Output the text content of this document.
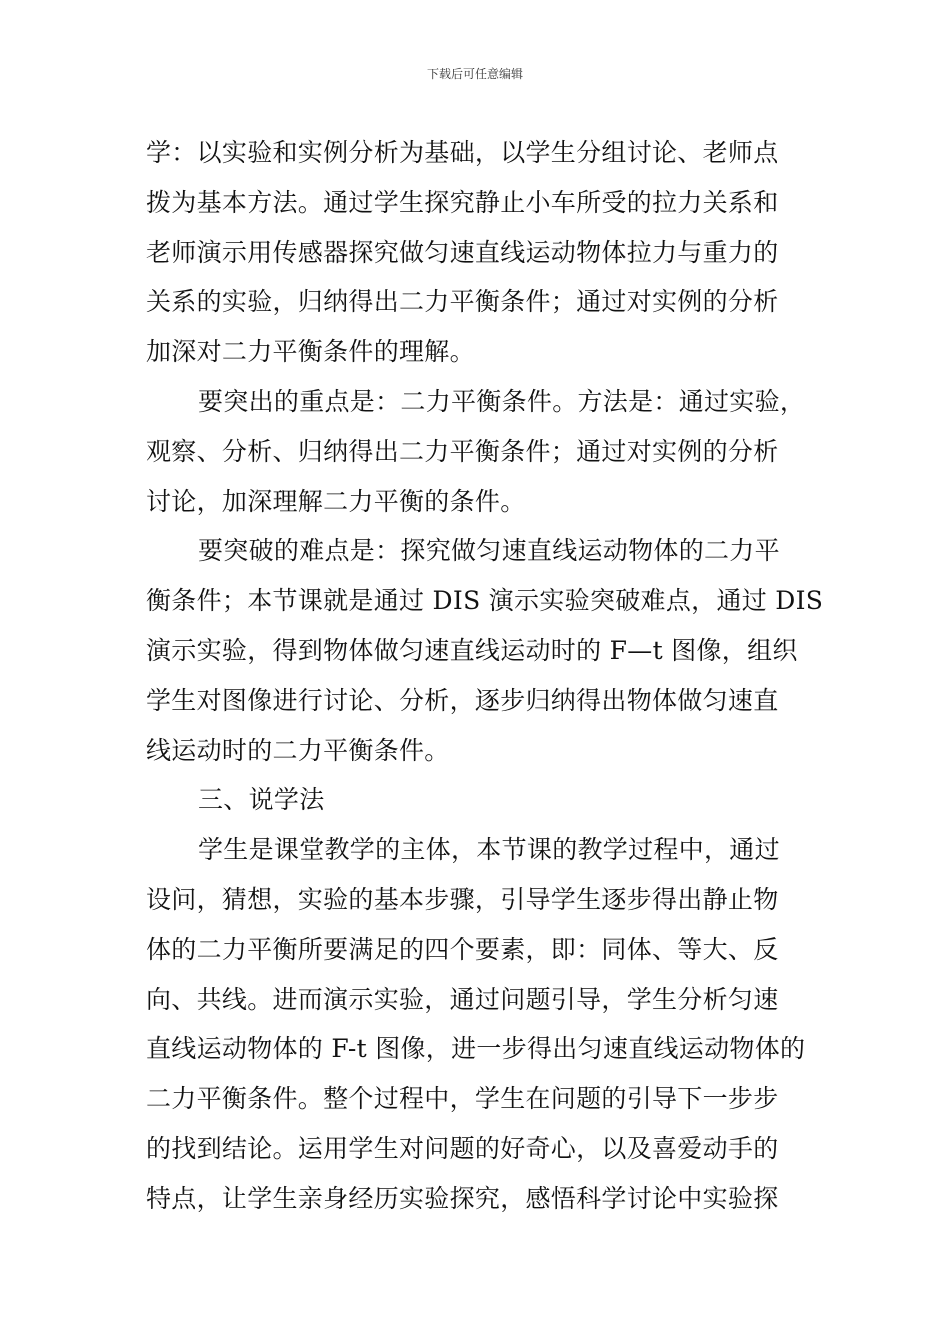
下载后可任意编辑
学：以实验和实例分析为基础，以学生分组讨论、老师点
拨为基本方法。通过学生探究静止小车所受的拉力关系和
老师演示用传感器探究做匀速直线运动物体拉力与重力的
关系的实验，归纳得出二力平衡条件；通过对实例的分析
加深对二力平衡条件的理解。
要突出的重点是：二力平衡条件。方法是：通过实验，
观察、分析、归纳得出二力平衡条件；通过对实例的分析
讨论，加深理解二力平衡的条件。
要突破的难点是：探究做匀速直线运动物体的二力平
衡条件；本节课就是通过 DIS 演示实验突破难点，通过 DIS
演示实验，得到物体做匀速直线运动时的 F—t 图像，组织
学生对图像进行讨论、分析，逐步归纳得出物体做匀速直
线运动时的二力平衡条件。
三、说学法
学生是课堂教学的主体，本节课的教学过程中，通过
设问，猜想，实验的基本步骤，引导学生逐步得出静止物
体的二力平衡所要满足的四个要素，即：同体、等大、反
向、共线。进而演示实验，通过问题引导，学生分析匀速
直线运动物体的 F-t 图像，进一步得出匀速直线运动物体的
二力平衡条件。整个过程中，学生在问题的引导下一步步
的找到结论。运用学生对问题的好奇心，以及喜爱动手的
特点，让学生亲身经历实验探究，感悟科学讨论中实验探
